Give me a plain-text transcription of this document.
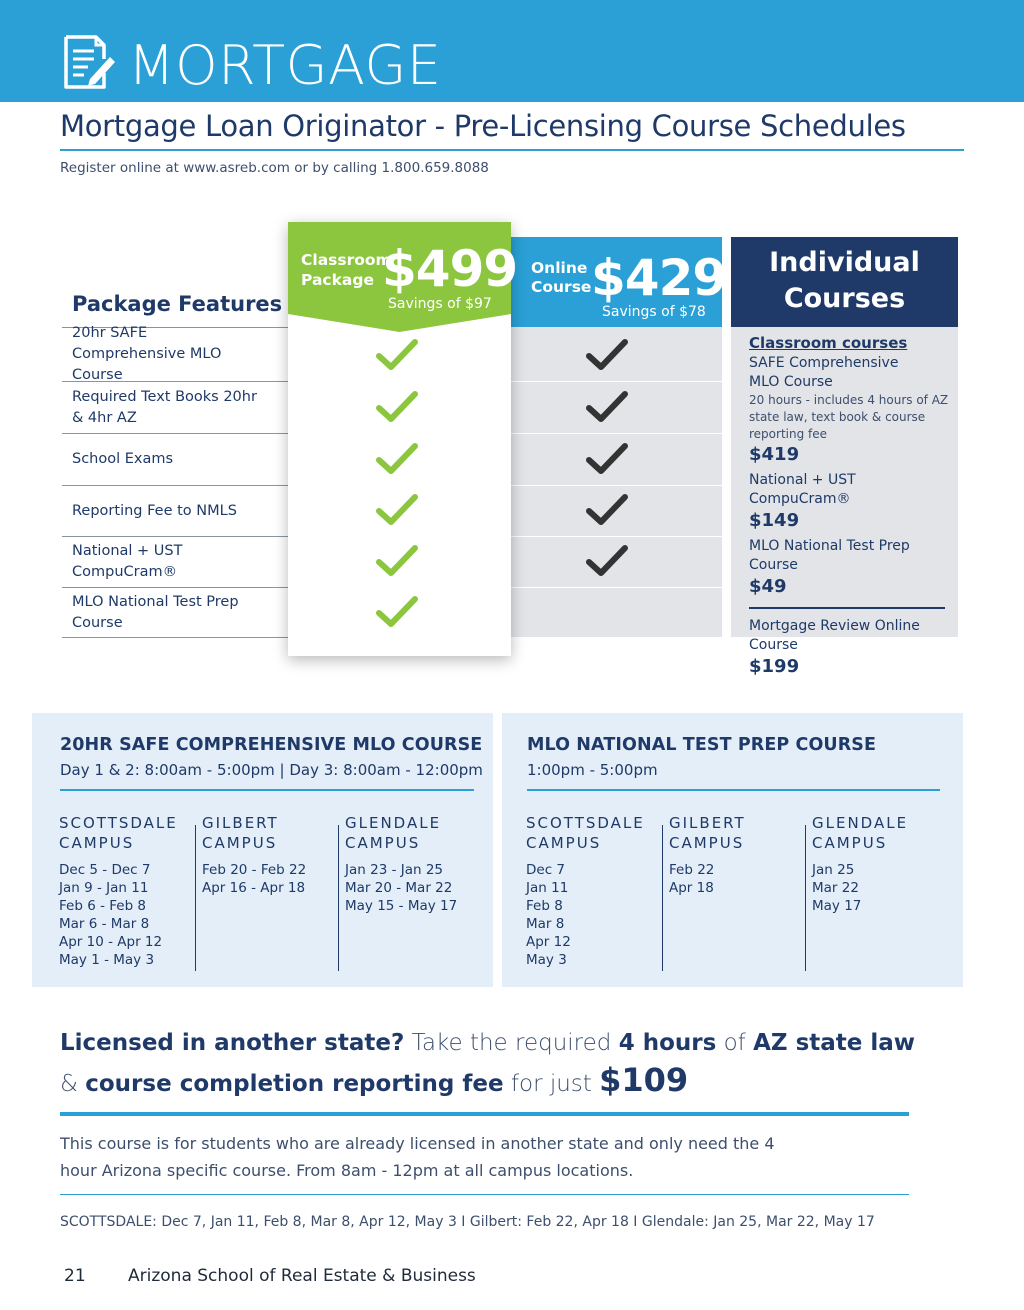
MORTGAGE
Mortgage Loan Originator - Pre-Licensing Course Schedules
Register online at www.asreb.com or by calling 1.800.659.8088
Package Features
20hr SAFE Comprehensive MLO Course
Required Text Books 20hr & 4hr AZ
School Exams
Reporting Fee to NMLS
National + UST CompuCram®
MLO National Test Prep Course
Online
Course $429
Savings of $78
Classroom
Package $499
Savings of $97
Individual
Courses
Classroom courses
SAFE Comprehensive
MLO Course
20 hours - includes 4 hours of AZ state law, text book & course reporting fee
$419
National + UST CompuCram®
$149
MLO National Test Prep Course
$49
Mortgage Review Online Course
$199
20HR SAFE COMPREHENSIVE MLO COURSE
Day 1 & 2: 8:00am - 5:00pm | Day 3: 8:00am - 12:00pm
SCOTTSDALE
CAMPUS
Dec 5 - Dec 7
Jan 9 - Jan 11
Feb 6 - Feb 8
Mar 6 - Mar 8
Apr 10 - Apr 12
May 1 - May 3
GILBERT
CAMPUS
Feb 20 - Feb 22
Apr 16 - Apr 18
GLENDALE
CAMPUS
Jan 23 - Jan 25
Mar 20 - Mar 22
May 15 - May 17
MLO NATIONAL TEST PREP COURSE
1:00pm - 5:00pm
SCOTTSDALE
CAMPUS
Dec 7
Jan 11
Feb 8
Mar 8
Apr 12
May 3
GILBERT
CAMPUS
Feb 22
Apr 18
GLENDALE
CAMPUS
Jan 25
Mar 22
May 17
Licensed in another state? Take the required 4 hours of AZ state law
& course completion reporting fee for just $109
This course is for students who are already licensed in another state and only need the 4 hour Arizona specific course. From 8am - 12pm at all campus locations.
SCOTTSDALE: Dec 7, Jan 11, Feb 8, Mar 8, Apr 12, May 3 I Gilbert: Feb 22, Apr 18 I Glendale: Jan 25, Mar 22, May 17
21 Arizona School of Real Estate & Business
